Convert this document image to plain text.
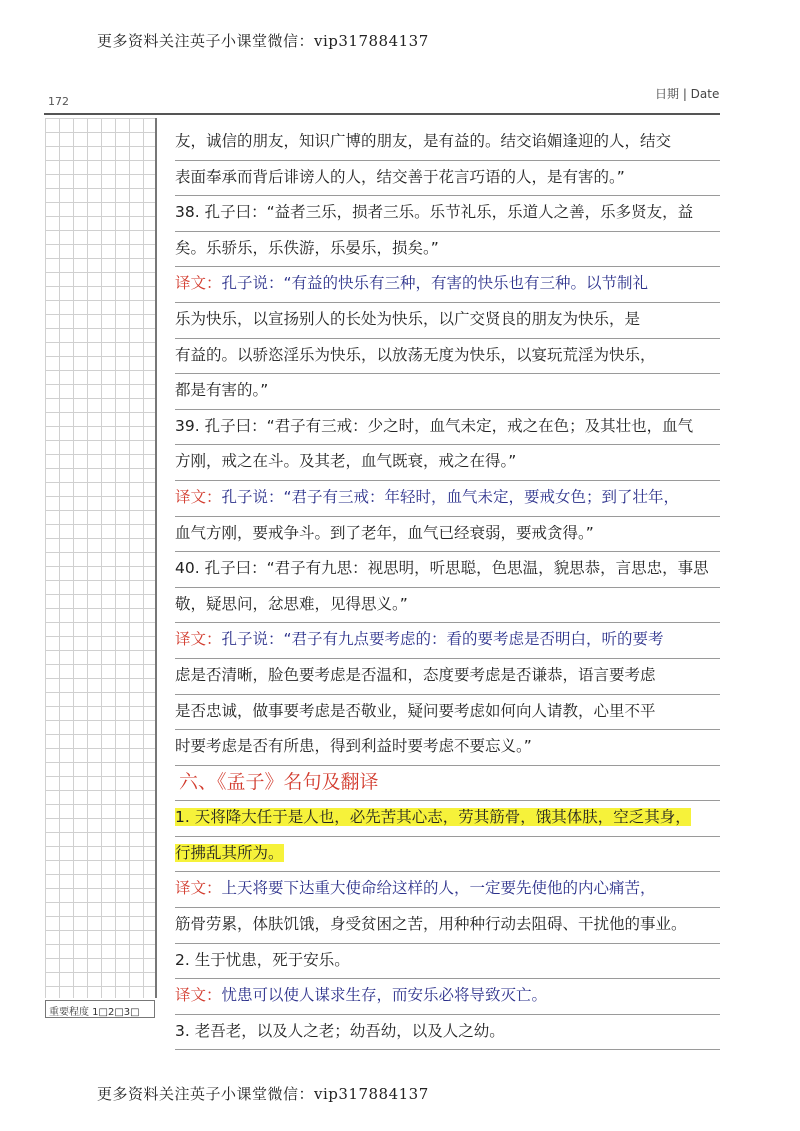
更多资料关注英子小课堂微信：vip317884137
172
日期 | Date
重要程度 1□2□3□
友，诚信的朋友，知识广博的朋友，是有益的。结交谄媚逢迎的人，结交
表面奉承而背后诽谤人的人，结交善于花言巧语的人，是有害的。”
38. 孔子曰：“益者三乐，损者三乐。乐节礼乐，乐道人之善，乐多贤友，益
矣。乐骄乐，乐佚游，乐晏乐，损矣。”
译文：孔子说：“有益的快乐有三种，有害的快乐也有三种。以节制礼
乐为快乐，以宣扬别人的长处为快乐，以广交贤良的朋友为快乐，是
有益的。以骄恣淫乐为快乐，以放荡无度为快乐，以宴玩荒淫为快乐，
都是有害的。”
39. 孔子曰：“君子有三戒：少之时，血气未定，戒之在色；及其壮也，血气
方刚，戒之在斗。及其老，血气既衰，戒之在得。”
译文：孔子说：“君子有三戒：年轻时，血气未定，要戒女色；到了壮年，
血气方刚，要戒争斗。到了老年，血气已经衰弱，要戒贪得。”
40. 孔子曰：“君子有九思：视思明，听思聪，色思温，貌思恭，言思忠，事思
敬，疑思问，忿思难，见得思义。”
译文：孔子说：“君子有九点要考虑的：看的要考虑是否明白，听的要考
虑是否清晰，脸色要考虑是否温和，态度要考虑是否谦恭，语言要考虑
是否忠诚，做事要考虑是否敬业，疑问要考虑如何向人请教，心里不平
时要考虑是否有所患，得到利益时要考虑不要忘义。”
六、《孟子》名句及翻译
1. 天将降大任于是人也，必先苦其心志，劳其筋骨，饿其体肤，空乏其身，
行拂乱其所为。
译文：上天将要下达重大使命给这样的人，一定要先使他的内心痛苦，
筋骨劳累，体肤饥饿，身受贫困之苦，用种种行动去阻碍、干扰他的事业。
2. 生于忧患，死于安乐。
译文：忧患可以使人谋求生存，而安乐必将导致灭亡。
3. 老吾老，以及人之老；幼吾幼，以及人之幼。
更多资料关注英子小课堂微信：vip317884137
